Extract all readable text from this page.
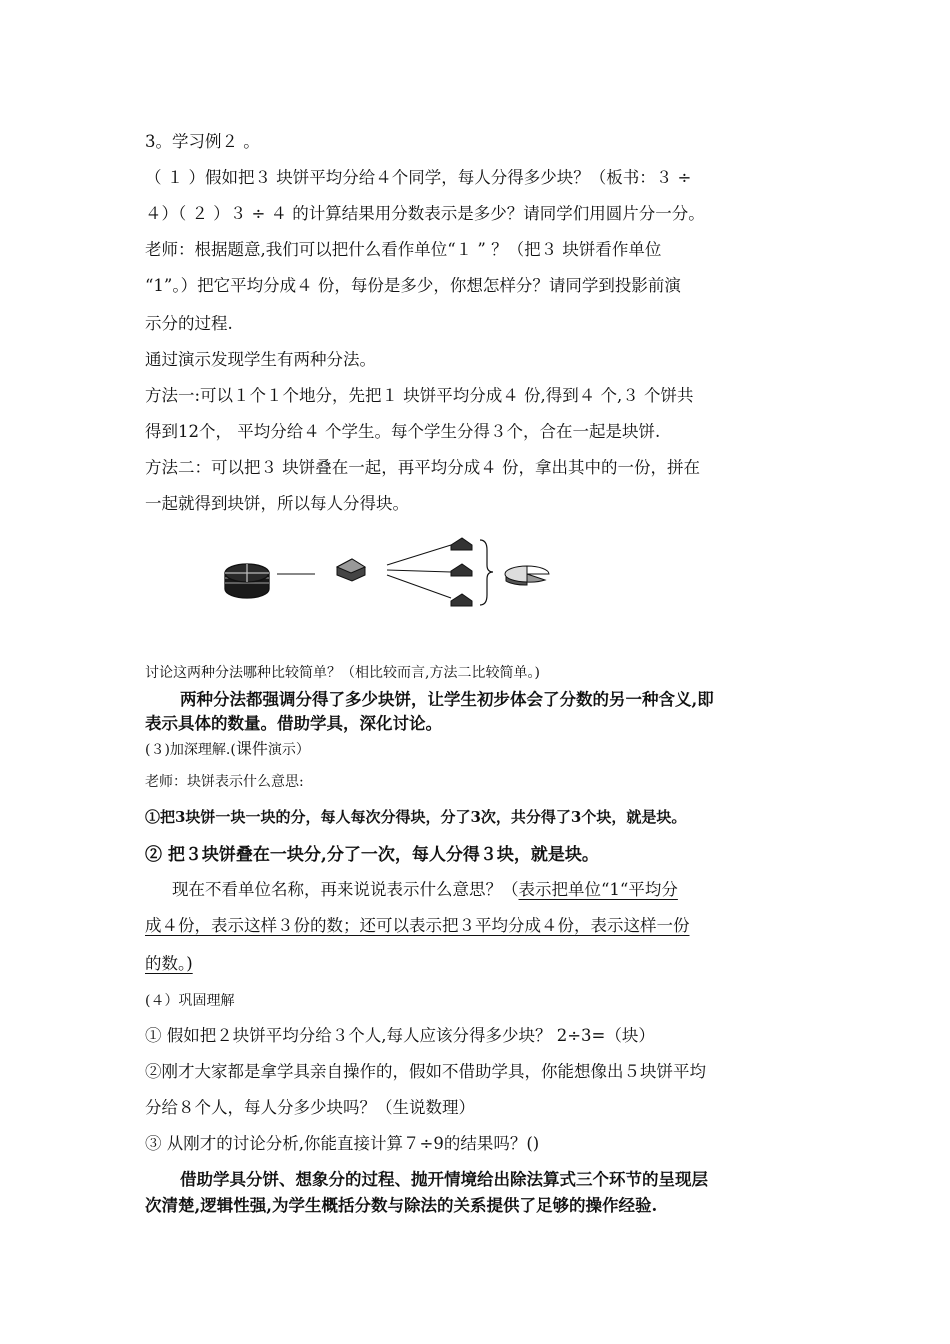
3。学习例２ 。
（ １ ）假如把３ 块饼平均分给４个同学，每人分得多少块？（板书：３ ÷
４）（ ２ ）３ ÷ ４ 的计算结果用分数表示是多少？请同学们用圆片分一分。
老师：根据题意,我们可以把什么看作单位“１ ” ？（把３ 块饼看作单位
“1”。）把它平均分成４ 份，每份是多少，你想怎样分？请同学到投影前演
示分的过程.
通过演示发现学生有两种分法。
方法一:可以１个１个地分，先把１ 块饼平均分成４ 份,得到４ 个,３ 个饼共
得到12个， 平均分给４ 个学生。每个学生分得３个，合在一起是块饼.
方法二：可以把３ 块饼叠在一起，再平均分成４ 份，拿出其中的一份，拼在
一起就得到块饼，所以每人分得块。
讨论这两种分法哪种比较简单？（相比较而言,方法二比较简单。)
两种分法都强调分得了多少块饼，让学生初步体会了分数的另一种含义,即
表示具体的数量。借助学具，深化讨论。
(３)加深理解.(课件演示）
老师：块饼表示什么意思:
①把3块饼一块一块的分，每人每次分得块，分了3次，共分得了3个块，就是块。
② 把３块饼叠在一块分,分了一次，每人分得３块，就是块。
现在不看单位名称，再来说说表示什么意思？（表示把单位“1“平均分
成４份，表示这样３份的数；还可以表示把３平均分成４份，表示这样一份
的数。)
(４）巩固理解
① 假如把２块饼平均分给３个人,每人应该分得多少块？ 2÷3=（块）
②刚才大家都是拿学具亲自操作的，假如不借助学具，你能想像出５块饼平均
分给８个人，每人分多少块吗？（生说数理）
③ 从刚才的讨论分析,你能直接计算７÷9的结果吗？()
借助学具分饼、想象分的过程、抛开情境给出除法算式三个环节的呈现层
次清楚,逻辑性强,为学生概括分数与除法的关系提供了足够的操作经验.
